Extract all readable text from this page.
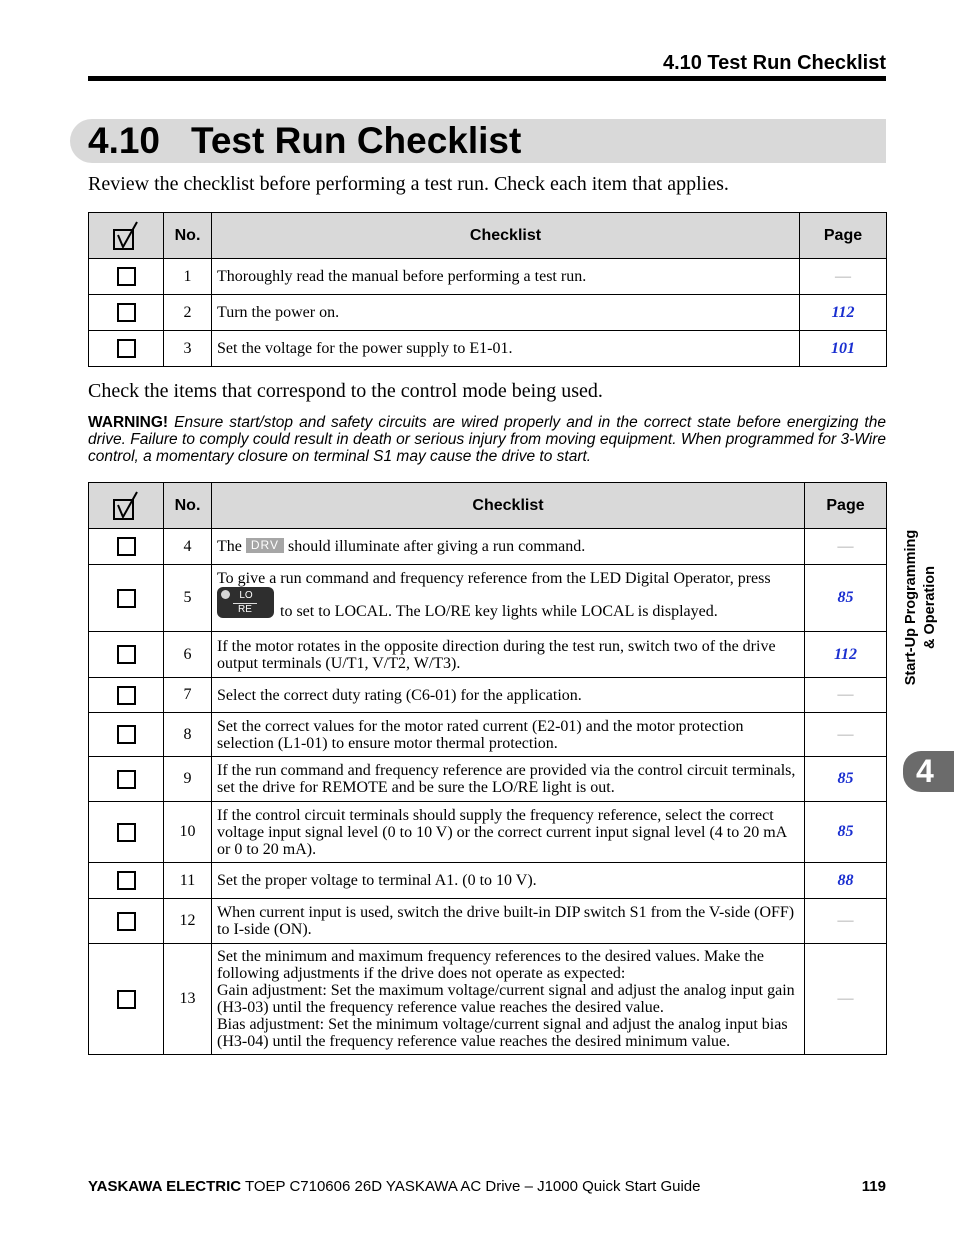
4.10 Test Run Checklist
4.10 Test Run Checklist
Review the checklist before performing a test run. Check each item that applies.
	No.	Checklist	Page
	1	Thoroughly read the manual before performing a test run.	—
	2	Turn the power on.	112
	3	Set the voltage for the power supply to E1-01.	101
Check the items that correspond to the control mode being used.
WARNING! Ensure start/stop and safety circuits are wired properly and in the correct state before energizing the drive. Failure to comply could result in death or serious injury from moving equipment. When programmed for 3-Wire control, a momentary closure on terminal S1 may cause the drive to start.
	No.	Checklist	Page
	4	The DRV should illuminate after giving a run command.	—
	5	To give a run command and frequency reference from the LED Digital Operator, press
$\frac{LO}{RE}$ to set to LOCAL. The LO/RE key lights while LOCAL is displayed.	85
	6	If the motor rotates in the opposite direction during the test run, switch two of the drive output terminals (U/T1, V/T2, W/T3).	112
	7	Select the correct duty rating (C6-01) for the application.	—
	8	Set the correct values for the motor rated current (E2-01) and the motor protection selection (L1-01) to ensure motor thermal protection.	—
	9	If the run command and frequency reference are provided via the control circuit terminals, set the drive for REMOTE and be sure the LO/RE light is out.	85
	10	If the control circuit terminals should supply the frequency reference, select the correct voltage input signal level (0 to 10 V) or the correct current input signal level (4 to 20 mA or 0 to 20 mA).	85
	11	Set the proper voltage to terminal A1. (0 to 10 V).	88
	12	When current input is used, switch the drive built-in DIP switch S1 from the V-side (OFF) to I-side (ON).	—
	13	Set the minimum and maximum frequency references to the desired values. Make the following adjustments if the drive does not operate as expected:
Gain adjustment: Set the maximum voltage/current signal and adjust the analog input gain (H3-03) until the frequency reference value reaches the desired value.
Bias adjustment: Set the minimum voltage/current signal and adjust the analog input bias (H3-04) until the frequency reference value reaches the desired minimum value.	—
Start-Up Programming & Operation
4
YASKAWA ELECTRIC TOEP C710606 26D YASKAWA AC Drive – J1000 Quick Start Guide	119
